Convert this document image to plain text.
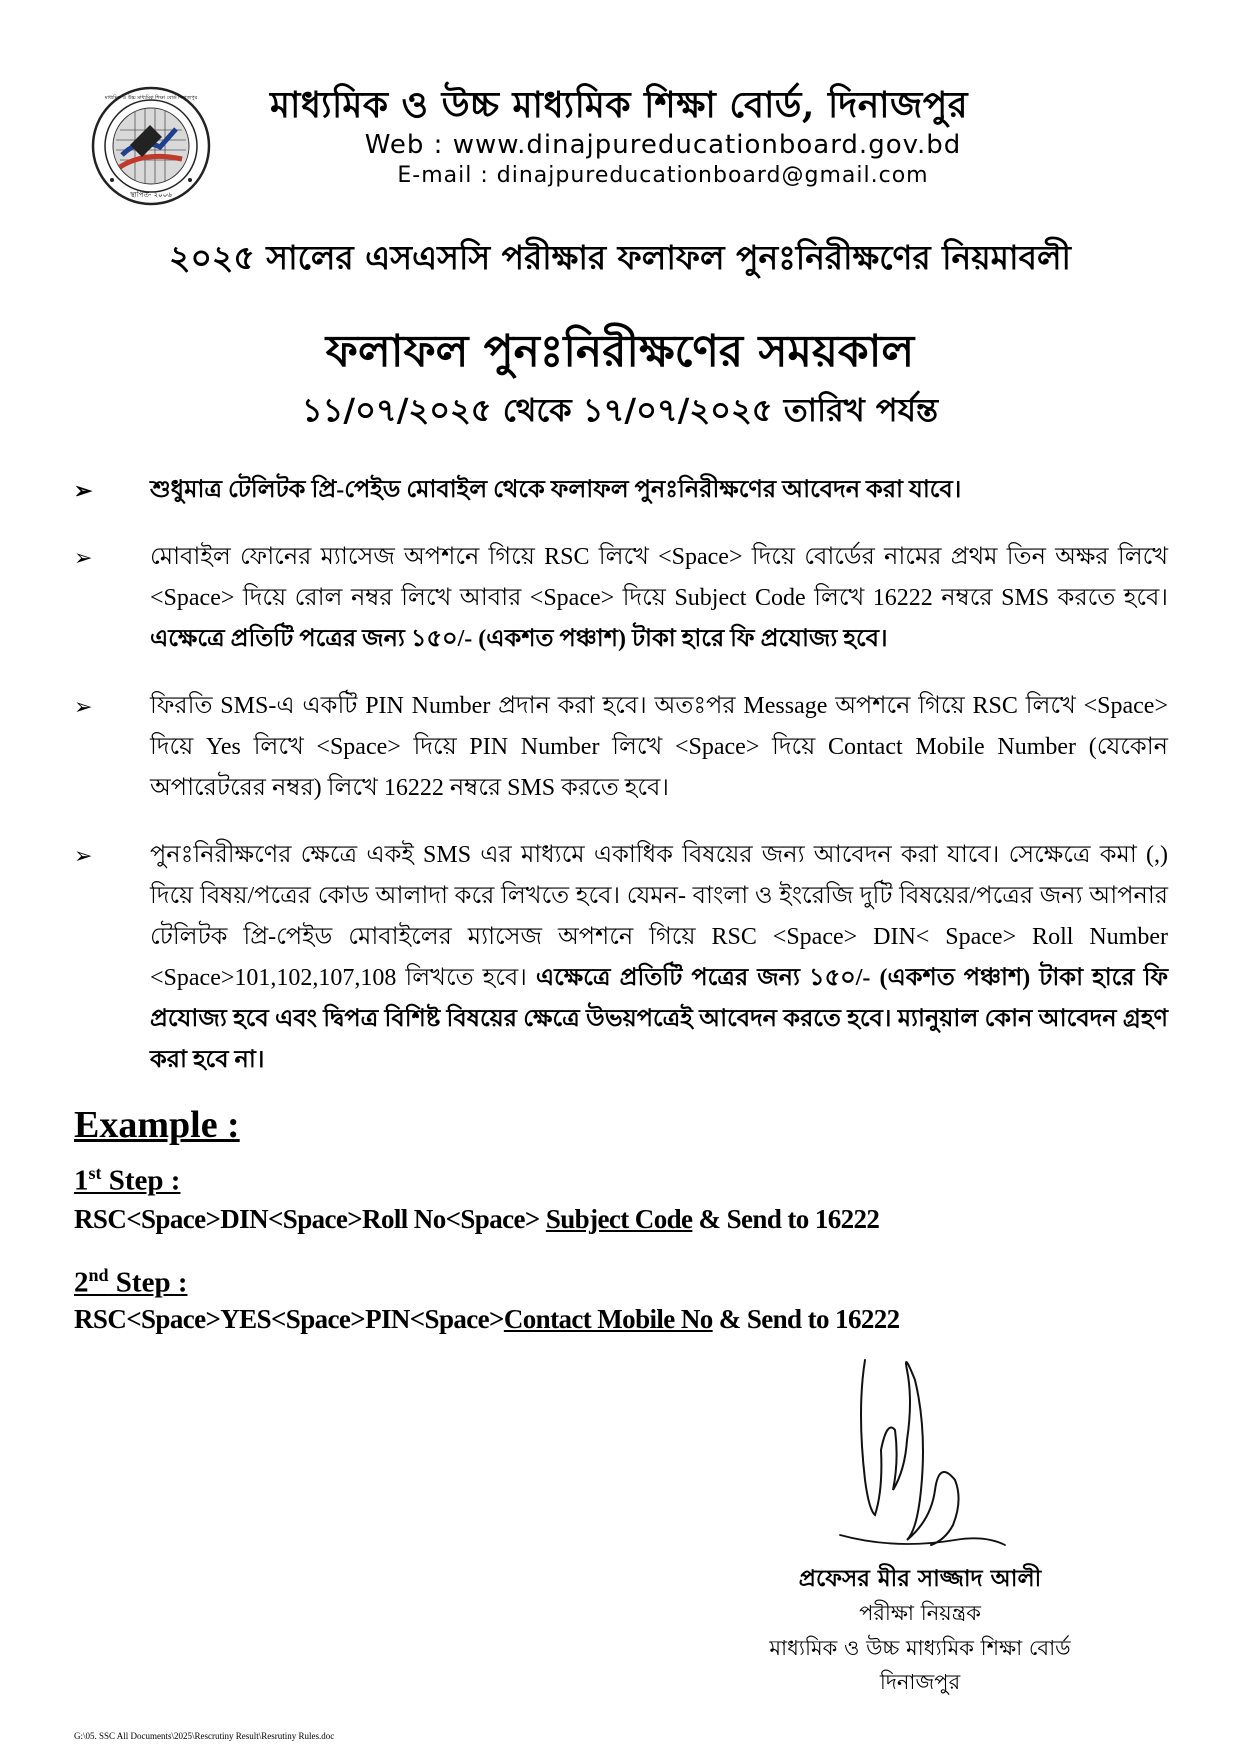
স্থাপিত- ২০০৬
মাধ্যমিক ও উচ্চ মাধ্যমিক শিক্ষা বোর্ড দিনাজপুর মাধ্যমিক ও উচ্চ মাধ্যমিক শিক্ষা বোর্ড, দিনাজপুর
Web : www.dinajpureducationboard.gov.bd
E-mail : dinajpureducationboard@gmail.com
২০২৫ সালের এসএসসি পরীক্ষার ফলাফল পুনঃনিরীক্ষণের নিয়মাবলী
ফলাফল পুনঃনিরীক্ষণের সময়কাল
১১/০৭/২০২৫ থেকে ১৭/০৭/২০২৫ তারিখ পর্যন্ত
➢ শুধুমাত্র টেলিটক প্রি-পেইড মোবাইল থেকে ফলাফল পুনঃনিরীক্ষণের আবেদন করা যাবে।
➢ মোবাইল ফোনের ম্যাসেজ অপশনে গিয়ে RSC লিখে <Space> দিয়ে বোর্ডের নামের প্রথম তিন অক্ষর লিখে <Space> দিয়ে রোল নম্বর লিখে আবার <Space> দিয়ে Subject Code লিখে 16222 নম্বরে SMS করতে হবে। এক্ষেত্রে প্রতিটি পত্রের জন্য ১৫০/- (একশত পঞ্চাশ) টাকা হারে ফি প্রযোজ্য হবে।
➢ ফিরতি SMS-এ একটি PIN Number প্রদান করা হবে। অতঃপর Message অপশনে গিয়ে RSC লিখে <Space> দিয়ে Yes লিখে <Space> দিয়ে PIN Number লিখে <Space> দিয়ে Contact Mobile Number (যেকোন অপারেটরের নম্বর) লিখে 16222 নম্বরে SMS করতে হবে।
➢ পুনঃনিরীক্ষণের ক্ষেত্রে একই SMS এর মাধ্যমে একাধিক বিষয়ের জন্য আবেদন করা যাবে। সেক্ষেত্রে কমা (,) দিয়ে বিষয়/পত্রের কোড আলাদা করে লিখতে হবে। যেমন- বাংলা ও ইংরেজি দুটি বিষয়ের/পত্রের জন্য আপনার টেলিটক প্রি-পেইড মোবাইলের ম্যাসেজ অপশনে গিয়ে RSC <Space> DIN< Space> Roll Number <Space>101,102,107,108 লিখতে হবে। এক্ষেত্রে প্রতিটি পত্রের জন্য ১৫০/- (একশত পঞ্চাশ) টাকা হারে ফি প্রযোজ্য হবে এবং দ্বিপত্র বিশিষ্ট বিষয়ের ক্ষেত্রে উভয়পত্রেই আবেদন করতে হবে। ম্যানুয়াল কোন আবেদন গ্রহণ করা হবে না।
Example :
1st Step :
RSC<Space>DIN<Space>Roll No<Space> Subject Code & Send to 16222
2nd Step :
RSC<Space>YES<Space>PIN<Space>Contact Mobile No & Send to 16222
প্রফেসর মীর সাজ্জাদ আলী
পরীক্ষা নিয়ন্ত্রক
মাধ্যমিক ও উচ্চ মাধ্যমিক শিক্ষা বোর্ড
দিনাজপুর
G:\05. SSC All Documents\2025\Rescrutiny Result\Resrutiny Rules.doc
